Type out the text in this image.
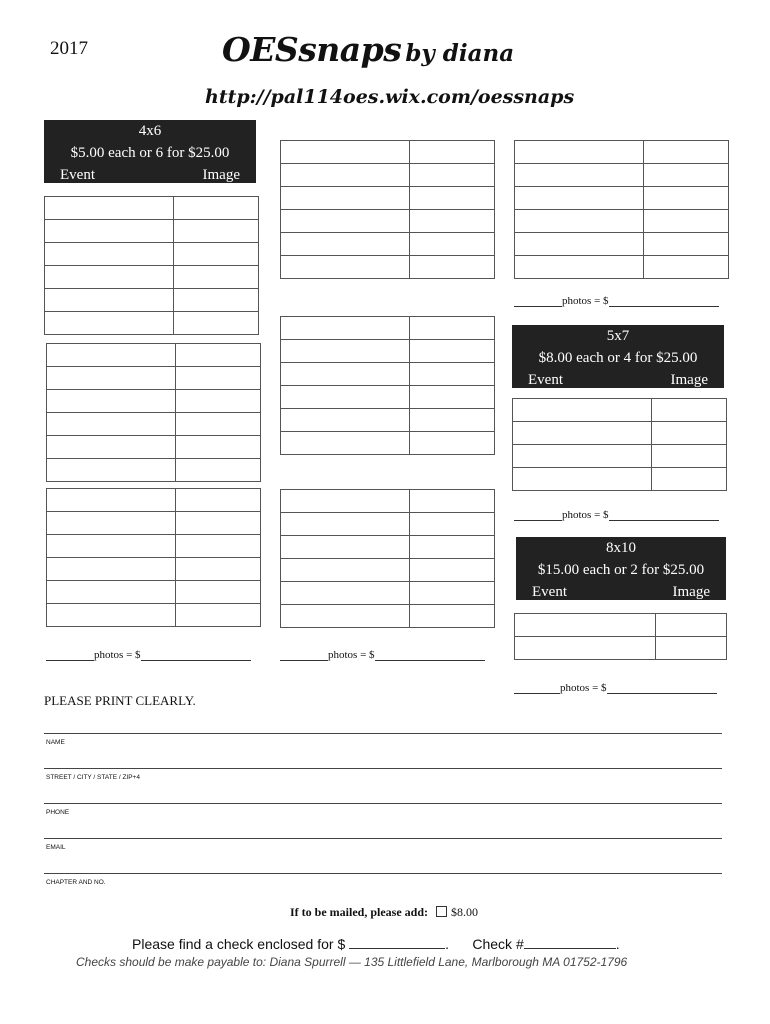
2017	OESsnaps by diana
http://pal114oes.wix.com/oessnaps
4x6
$5.00 each or 6 for $25.00
Event	Image
5x7
$8.00 each or 4 for $25.00
Event	Image
8x10
$15.00 each or 2 for $25.00
Event	Image

photos = $
photos = $
photos = $	photos = $
photos = $
PLEASE PRINT CLEARLY.
NAME
STREET / CITY / STATE / ZIP+4
PHONE
EMAIL
CHAPTER AND NO.
If to be mailed, please add: $8.00
Please find a check enclosed for $	.      Check #	.
Checks should be make payable to: Diana Spurrell — 135 Littlefield Lane, Marlborough MA 01752-1796
